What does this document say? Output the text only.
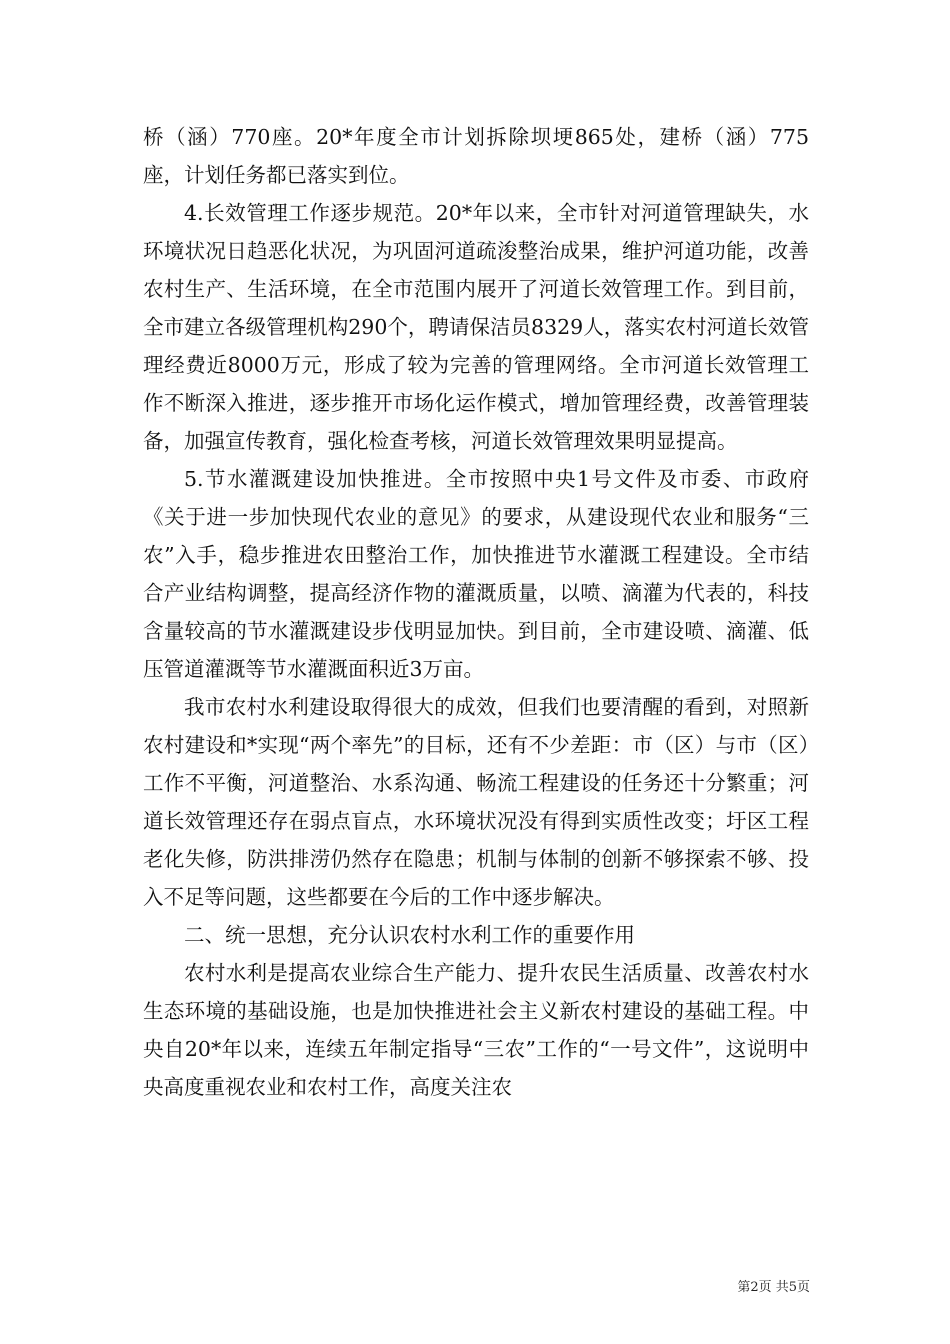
桥（涵）770座。20*年度全市计划拆除坝埂865处，建桥（涵）775座，计划任务都已落实到位。

4.长效管理工作逐步规范。20*年以来，全市针对河道管理缺失，水环境状况日趋恶化状况，为巩固河道疏浚整治成果，维护河道功能，改善农村生产、生活环境，在全市范围内展开了河道长效管理工作。到目前，全市建立各级管理机构290个，聘请保洁员8329人，落实农村河道长效管理经费近8000万元，形成了较为完善的管理网络。全市河道长效管理工作不断深入推进，逐步推开市场化运作模式，增加管理经费，改善管理装备，加强宣传教育，强化检查考核，河道长效管理效果明显提高。

5.节水灌溉建设加快推进。全市按照中央1号文件及市委、市政府《关于进一步加快现代农业的意见》的要求，从建设现代农业和服务“三农”入手，稳步推进农田整治工作，加快推进节水灌溉工程建设。全市结合产业结构调整，提高经济作物的灌溉质量，以喷、滴灌为代表的，科技含量较高的节水灌溉建设步伐明显加快。到目前，全市建设喷、滴灌、低压管道灌溉等节水灌溉面积近3万亩。

我市农村水利建设取得很大的成效，但我们也要清醒的看到，对照新农村建设和*实现“两个率先”的目标，还有不少差距：市（区）与市（区）工作不平衡，河道整治、水系沟通、畅流工程建设的任务还十分繁重；河道长效管理还存在弱点盲点，水环境状况没有得到实质性改变；圩区工程老化失修，防洪排涝仍然存在隐患；机制与体制的创新不够探索不够、投入不足等问题，这些都要在今后的工作中逐步解决。

二、统一思想，充分认识农村水利工作的重要作用

农村水利是提高农业综合生产能力、提升农民生活质量、改善农村水生态环境的基础设施，也是加快推进社会主义新农村建设的基础工程。中央自20*年以来，连续五年制定指导“三农”工作的“一号文件”，这说明中央高度重视农业和农村工作，高度关注农

第2页 共5页
